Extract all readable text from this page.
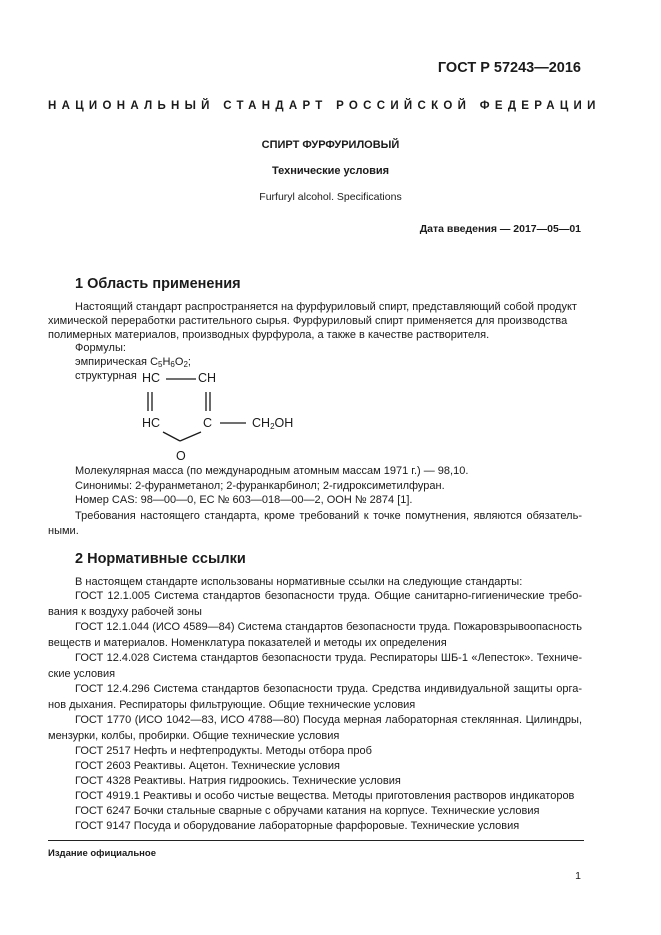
ГОСТ Р 57243—2016
НАЦИОНАЛЬНЫЙ СТАНДАРТ РОССИЙСКОЙ ФЕДЕРАЦИИ
СПИРТ ФУРФУРИЛОВЫЙ
Технические условия
Furfuryl alcohol. Specifications
Дата введения — 2017—05—01
1 Область применения
Настоящий стандарт распространяется на фурфуриловый спирт, представляющий собой продукт
химической переработки растительного сырья. Фурфуриловый спирт применяется для производства
полимерных материалов, производных фурфурола, а также в качестве растворителя.
Формулы:
эмпирическая $C_5H_6O_2$;
структурная HC	CH
HC	C	$CH_2OH$
O
Молекулярная масса (по международным атомным массам 1971 г.) — 98,10.
Синонимы: 2-фуранметанол; 2-фуранкарбинол; 2-гидроксиметилфуран.
Номер CAS: 98—00—0, ЕС № 603—018—00—2, ООН № 2874 [1].
Требования настоящего стандарта, кроме требований к точке помутнения, являются обязатель-ными.
2 Нормативные ссылки
В настоящем стандарте использованы нормативные ссылки на следующие стандарты:
ГОСТ 12.1.005 Система стандартов безопасности труда. Общие санитарно-гигиенические требо-вания к воздуху рабочей зоны
ГОСТ 12.1.044 (ИСО 4589—84) Система стандартов безопасности труда. Пожаровзрывоопасность веществ и материалов. Номенклатура показателей и методы их определения
ГОСТ 12.4.028 Система стандартов безопасности труда. Респираторы ШБ-1 «Лепесток». Техниче-ские условия
ГОСТ 12.4.296 Система стандартов безопасности труда. Средства индивидуальной защиты орга-нов дыхания. Респираторы фильтрующие. Общие технические условия
ГОСТ 1770 (ИСО 1042—83, ИСО 4788—80) Посуда мерная лабораторная стеклянная. Цилиндры, мензурки, колбы, пробирки. Общие технические условия
ГОСТ 2517 Нефть и нефтепродукты. Методы отбора проб
ГОСТ 2603 Реактивы. Ацетон. Технические условия
ГОСТ 4328 Реактивы. Натрия гидроокись. Технические условия
ГОСТ 4919.1 Реактивы и особо чистые вещества. Методы приготовления растворов индикаторов
ГОСТ 6247 Бочки стальные сварные с обручами катания на корпусе. Технические условия
ГОСТ 9147 Посуда и оборудование лабораторные фарфоровые. Технические условия
Издание официальное
1
